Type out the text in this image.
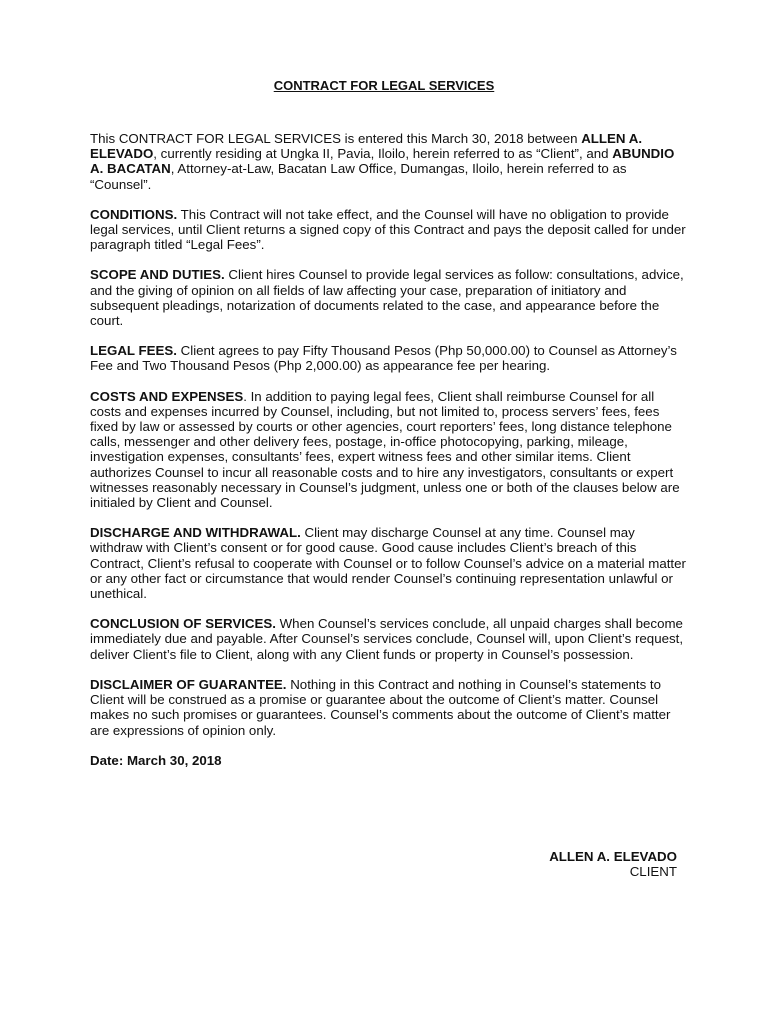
CONTRACT FOR LEGAL SERVICES

This CONTRACT FOR LEGAL SERVICES is entered this March 30, 2018 between ALLEN A. ELEVADO, currently residing at Ungka II, Pavia, Iloilo, herein referred to as “Client”, and ABUNDIO A. BACATAN, Attorney-at-Law, Bacatan Law Office, Dumangas, Iloilo, herein referred to as “Counsel”.

CONDITIONS. This Contract will not take effect, and the Counsel will have no obligation to provide legal services, until Client returns a signed copy of this Contract and pays the deposit called for under paragraph titled “Legal Fees”.

SCOPE AND DUTIES. Client hires Counsel to provide legal services as follow: consultations, advice, and the giving of opinion on all fields of law affecting your case, preparation of initiatory and subsequent pleadings, notarization of documents related to the case, and appearance before the court.

LEGAL FEES. Client agrees to pay Fifty Thousand Pesos (Php 50,000.00) to Counsel as Attorney’s Fee and Two Thousand Pesos (Php 2,000.00) as appearance fee per hearing.

COSTS AND EXPENSES. In addition to paying legal fees, Client shall reimburse Counsel for all costs and expenses incurred by Counsel, including, but not limited to, process servers’ fees, fees fixed by law or assessed by courts or other agencies, court reporters’ fees, long distance telephone calls, messenger and other delivery fees, postage, in-office photocopying, parking, mileage, investigation expenses, consultants’ fees, expert witness fees and other similar items. Client authorizes Counsel to incur all reasonable costs and to hire any investigators, consultants or expert witnesses reasonably necessary in Counsel’s judgment, unless one or both of the clauses below are initialed by Client and Counsel.

DISCHARGE AND WITHDRAWAL. Client may discharge Counsel at any time. Counsel may withdraw with Client’s consent or for good cause. Good cause includes Client’s breach of this Contract, Client’s refusal to cooperate with Counsel or to follow Counsel’s advice on a material matter or any other fact or circumstance that would render Counsel’s continuing representation unlawful or unethical.

CONCLUSION OF SERVICES. When Counsel’s services conclude, all unpaid charges shall become immediately due and payable. After Counsel’s services conclude, Counsel will, upon Client’s request, deliver Client’s file to Client, along with any Client funds or property in Counsel’s possession.

DISCLAIMER OF GUARANTEE. Nothing in this Contract and nothing in Counsel’s statements to Client will be construed as a promise or guarantee about the outcome of Client’s matter. Counsel makes no such promises or guarantees. Counsel’s comments about the outcome of Client’s matter are expressions of opinion only.

Date: March 30, 2018

ALLEN A. ELEVADO
CLIENT
